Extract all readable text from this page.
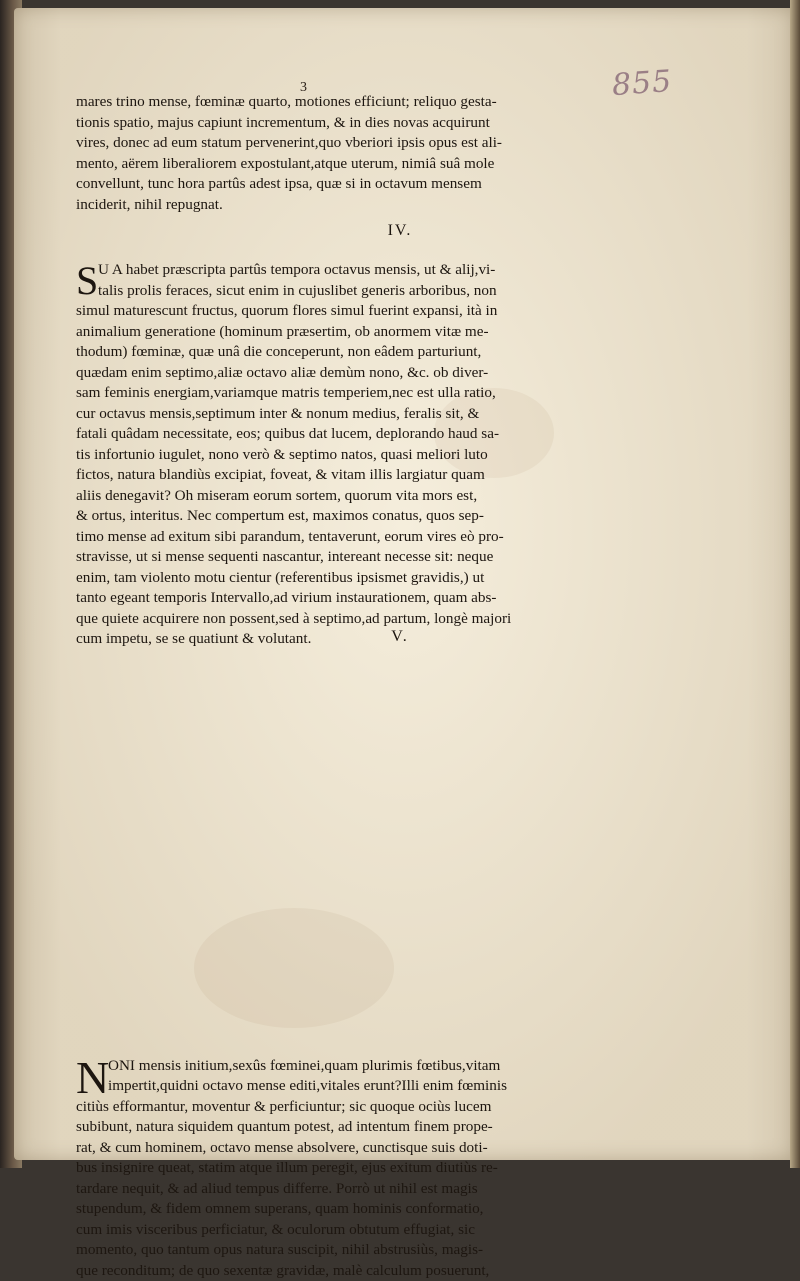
3	855
mares trino mense, fœminæ quarto, motiones efficiunt; reliquo gesta-
tionis spatio, majus capiunt incrementum, & in dies novas acquirunt
vires, donec ad eum statum pervenerint,quo vberiori ipsis opus est ali-
mento, aërem liberaliorem expostulant,atque uterum, nimiâ suâ mole
convellunt, tunc hora partûs adest ipsa, quæ si in octavum mensem
inciderit, nihil repugnat.
IV.
S U A habet præscripta partûs tempora octavus mensis, ut & alij,vi-
talis prolis feraces, sicut enim in cujuslibet generis arboribus, non
simul maturescunt fructus, quorum flores simul fuerint expansi, ità in
animalium generatione (hominum præsertim, ob anormem vitæ me-
thodum) fœminæ, quæ unâ die conceperunt, non eâdem parturiunt,
quædam enim septimo,aliæ octavo aliæ demùm nono, &c. ob diver-
sam feminis energiam,variamque matris temperiem,nec est ulla ratio,
cur octavus mensis,septimum inter & nonum medius, feralis sit, &
fatali quâdam necessitate, eos; quibus dat lucem, deplorando haud sa-
tis infortunio iugulet, nono verò & septimo natos, quasi meliori luto
fictos, natura blandiùs excipiat, foveat, & vitam illis largiatur quam
aliis denegavit? Oh miseram eorum sortem, quorum vita mors est,
& ortus, interitus. Nec compertum est, maximos conatus, quos sep-
timo mense ad exitum sibi parandum, tentaverunt, eorum vires eò pro-
stravisse, ut si mense sequenti nascantur, intereant necesse sit: neque
enim, tam violento motu cientur (referentibus ipsismet gravidis,) ut
tanto egeant temporis Intervallo,ad virium instaurationem, quam abs-
que quiete acquirere non possent,sed à septimo,ad partum, longè majori
cum impetu, se se quatiunt & volutant.	V.
N
ONI mensis initium,sexûs fœminei,quam plurimis fœtibus,vitam
impertit,quidni octavo mense editi,vitales erunt?Illi enim fœminis
citiùs efformantur, moventur & perficiuntur; sic quoque ociùs lucem
subibunt, natura siquidem quantum potest, ad intentum finem prope-
rat, & cum hominem, octavo mense absolvere, cunctisque suis doti-
bus insignire queat, statim atque illum peregit, ejus exitum diutiùs re-
tardare nequit, & ad aliud tempus differre. Porrò ut nihil est magis
stupendum, & fidem omnem superans, quam hominis conformatio,
cum imis visceribus perficiatur, & oculorum obtutum effugiat, sic
momento, quo tantum opus natura suscipit, nihil abstrusiùs, magis-
que reconditum; de quo sexentæ gravidæ, malè calculum posuerunt,
